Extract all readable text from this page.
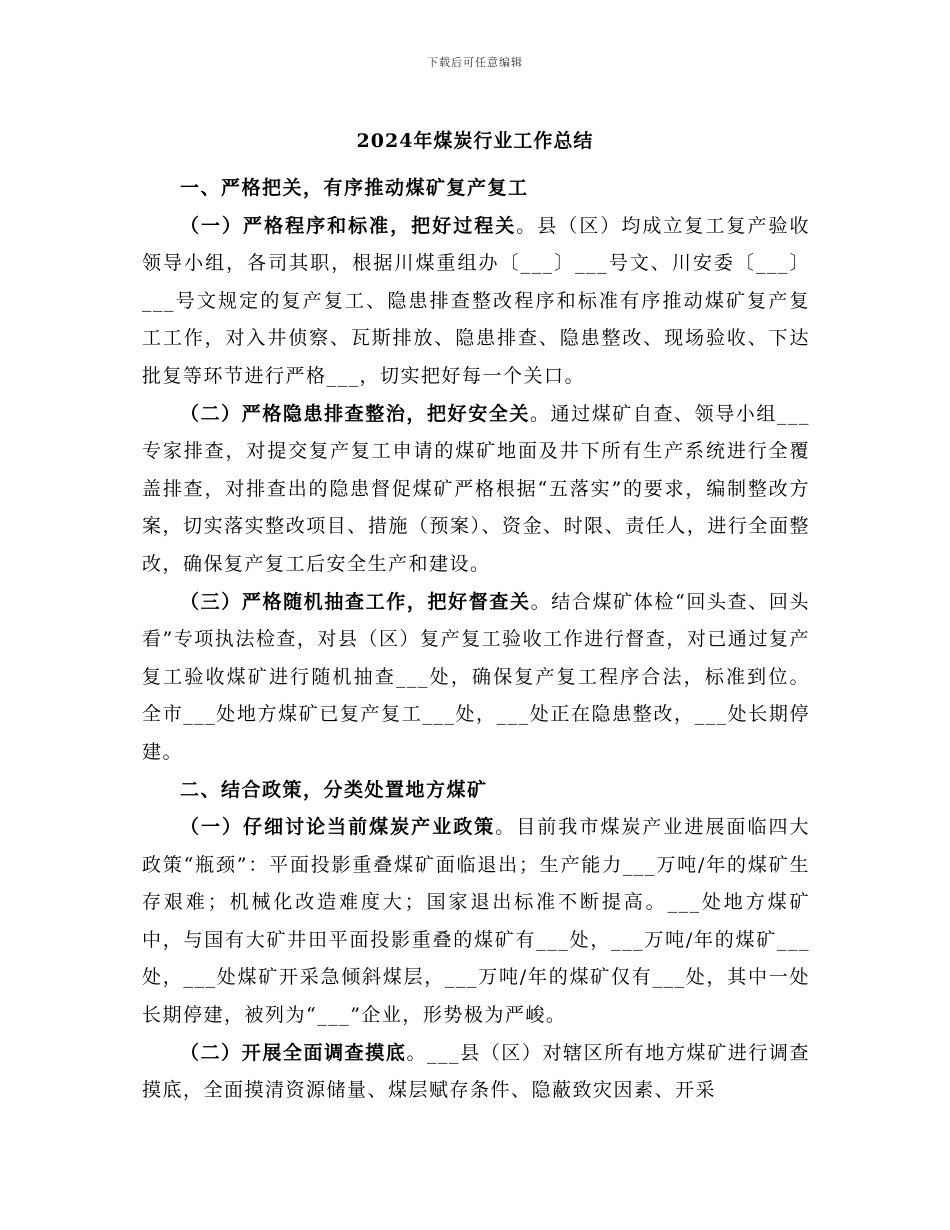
下载后可任意编辑
2024年煤炭行业工作总结

一、严格把关，有序推动煤矿复产复工

（一）严格程序和标准，把好过程关。县（区）均成立复工复产验收领导小组，各司其职，根据川煤重组办〔___〕___号文、川安委〔___〕___号文规定的复产复工、隐患排查整改程序和标准有序推动煤矿复产复工工作，对入井侦察、瓦斯排放、隐患排查、隐患整改、现场验收、下达批复等环节进行严格___，切实把好每一个关口。

（二）严格隐患排查整治，把好安全关。通过煤矿自查、领导小组___专家排查，对提交复产复工申请的煤矿地面及井下所有生产系统进行全覆盖排查，对排查出的隐患督促煤矿严格根据“五落实”的要求，编制整改方案，切实落实整改项目、措施（预案）、资金、时限、责任人，进行全面整改，确保复产复工后安全生产和建设。

（三）严格随机抽查工作，把好督查关。结合煤矿体检“回头查、回头看”专项执法检查，对县（区）复产复工验收工作进行督查，对已通过复产复工验收煤矿进行随机抽查___处，确保复产复工程序合法，标准到位。全市___处地方煤矿已复产复工___处，___处正在隐患整改，___处长期停建。

二、结合政策，分类处置地方煤矿

（一）仔细讨论当前煤炭产业政策。目前我市煤炭产业进展面临四大政策“瓶颈”：平面投影重叠煤矿面临退出；生产能力___万吨/年的煤矿生存艰难；机械化改造难度大；国家退出标准不断提高。___处地方煤矿中，与国有大矿井田平面投影重叠的煤矿有___处，___万吨/年的煤矿___处，___处煤矿开采急倾斜煤层，___万吨/年的煤矿仅有___处，其中一处长期停建，被列为“___”企业，形势极为严峻。

（二）开展全面调查摸底。___县（区）对辖区所有地方煤矿进行调查摸底，全面摸清资源储量、煤层赋存条件、隐蔽致灾因素、开采
